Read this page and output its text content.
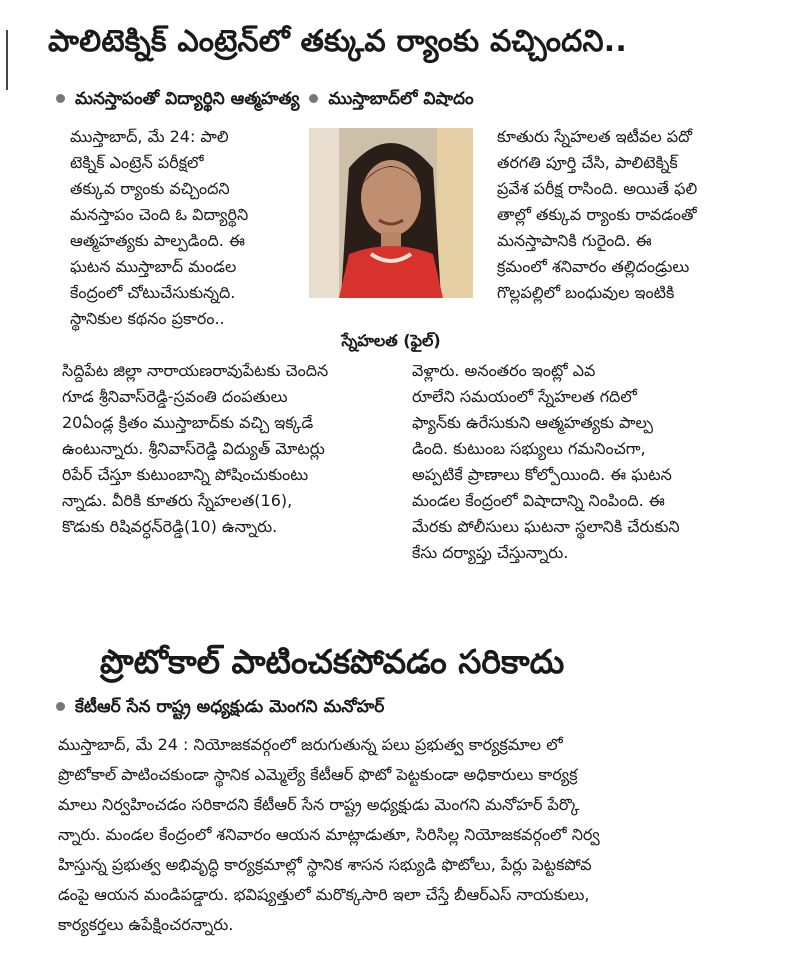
పాలిటెక్నిక్ ఎంట్రెన్‌లో తక్కువ ర్యాంకు వచ్చిందని..
మనస్తాపంతో విద్యార్థిని ఆత్మహత్య ముస్తాబాద్‌లో విషాదం
ముస్తాబాద్, మే 24: పాలి
టెక్నిక్ ఎంట్రెన్ పరీక్షలో
తక్కువ ర్యాంకు వచ్చిందని
మనస్తాపం చెంది ఓ విద్యార్థిని
ఆత్మహత్యకు పాల్పడింది. ఈ
ఘటన ముస్తాబాద్ మండల
కేంద్రంలో చోటుచేసుకున్నది.
స్థానికుల కథనం ప్రకారం..
స్నేహలత (ఫైల్)
కూతురు స్నేహలత ఇటీవల పదో
తరగతి పూర్తి చేసి, పాలిటెక్నిక్
ప్రవేశ పరీక్ష రాసింది. అయితే ఫలి
తాల్లో తక్కువ ర్యాంకు రావడంతో
మనస్తాపానికి గురైంది. ఈ
క్రమంలో శనివారం తల్లిదండ్రులు
గొల్లపల్లిలో బంధువుల ఇంటికి
సిద్దిపేట జిల్లా నారాయణరావుపేటకు చెందిన
గూడ శ్రీనివాస్‌రెడ్డి-స్రవంతి దంపతులు
20ఏండ్ల క్రితం ముస్తాబాద్‌కు వచ్చి ఇక్కడే
ఉంటున్నారు. శ్రీనివాస్‌రెడ్డి విద్యుత్ మోటర్లు
రిపేర్ చేస్తూ కుటుంబాన్ని పోషించుకుంటు
న్నాడు. వీరికి కూతరు స్నేహలత(16),
కొడుకు రిషివర్ధన్‌రెడ్డి(10) ఉన్నారు.
వెళ్లారు. అనంతరం ఇంట్లో ఎవ
రూలేని సమయంలో స్నేహలత గదిలో
ఫ్యాన్‌కు ఉరేసుకుని ఆత్మహత్యకు పాల్ప
డింది. కుటుంబ సభ్యులు గమనించగా,
అప్పటికే ప్రాణాలు కోల్పోయింది. ఈ ఘటన
మండల కేంద్రంలో విషాదాన్ని నింపింది. ఈ
మేరకు పోలీసులు ఘటనా స్థలానికి చేరుకుని
కేసు దర్యాప్తు చేస్తున్నారు.
ప్రొటోకాల్ పాటించకపోవడం సరికాదు
కేటీఆర్ సేన రాష్ట్ర అధ్యక్షుడు మెంగని మనోహర్
ముస్తాబాద్, మే 24 : నియోజకవర్గంలో జరుగుతున్న పలు ప్రభుత్వ కార్యక్రమాల లో
ప్రొటోకాల్ పాటించకుండా స్థానిక ఎమ్మెల్యే కేటీఆర్ ఫొటో పెట్టకుండా అధికారులు కార్యక్ర
మాలు నిర్వహించడం సరికాదని కేటీఆర్ సేన రాష్ట్ర అధ్యక్షుడు మెంగని మనోహర్ పేర్కొ
న్నారు. మండల కేంద్రంలో శనివారం ఆయన మాట్లాడుతూ, సిరిసిల్ల నియోజకవర్గంలో నిర్వ
హిస్తున్న ప్రభుత్వ అభివృద్ధి కార్యక్రమాల్లో స్థానిక శాసన సభ్యుడి ఫొటోలు, పేర్లు పెట్టకపోవ
డంపై ఆయన మండిపడ్డారు. భవిష్యత్తులో మరొక్కసారి ఇలా చేస్తే బీఆర్ఎస్ నాయకులు,
కార్యకర్తలు ఉపేక్షించరన్నారు.
